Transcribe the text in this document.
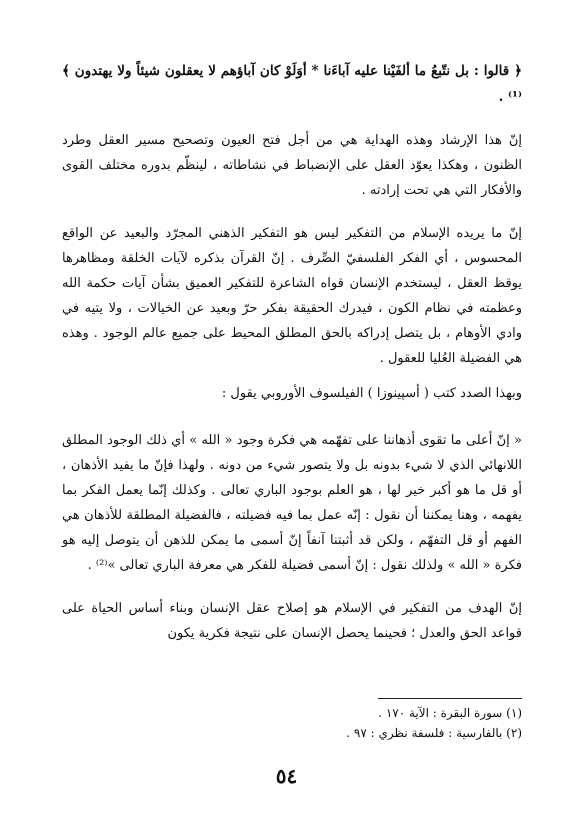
﴿ قالوا : بل نتّبعُ ما ألفَيْنا عليه آباءَنا * أوَلَوْ كان آباؤهم لا يعقلون شيئاً ولا يهتدون ﴾⁽¹⁾ .

إنّ هذا الإرشاد وهذه الهداية هي من أجل فتح العيون وتصحيح مسير العقل وطرد الظنون ، وهكذا يعوّد العقل على الإنضباط في نشاطاته ، لينظّم بدوره مختلف القوى والأفكار التي هي تحت إرادته .

إنّ ما يريده الإسلام من التفكير ليس هو التفكير الذهني المجرّد والبعيد عن الواقع المحسوس ، أي الفكر الفلسفيّ الصِّرف . إنّ القرآن بذكره لآيات الخلقة ومظاهرها يوقظ العقل ، ليستخدم الإنسان قواه الشاعرة للتفكير العميق بشأن آيات حكمة الله وعظمته في نظام الكون ، فيدرك الحقيقة بفكر حرّ وبعيد عن الخيالات ، ولا يتيه في وادي الأوهام ، بل يتصل إدراكه بالحق المطلق المحيط على جميع عالم الوجود . وهذه هي الفضيلة العُليا للعقول .

وبهذا الصدد كتب ( أسپينوزا ) الفيلسوف الأوروبي يقول :

« إنّ أعلى ما تقوى أذهاننا على تفهّمه هي فكرة وجود « الله » أي ذلك الوجود المطلق اللانهائي الذي لا شيء بدونه بل ولا يتصور شيء من دونه . ولهذا فإنّ ما يفيد الأذهان ، أو قل ما هو أكبر خير لها ، هو العلم بوجود الباري تعالى . وكذلك إنّما يعمل الفكر بما يفهمه ، وهنا يمكننا أن نقول : إنّه عمل بما فيه فضيلته ، فالفضيلة المطلقة للأذهان هي الفهم أو قل التفهّم ، ولكن قد أثبتنا آنفاً إنّ أسمى ما يمكن للذهن أن يتوصل إليه هو فكرة « الله » ولذلك نقول : إنّ أسمى فضيلة للفكر هي معرفة الباري تعالى »⁽²⁾ .

إنّ الهدف من التفكير في الإسلام هو إصلاح عقل الإنسان وبناء أساس الحياة على قواعد الحق والعدل ؛ فحينما يحصل الإنسان على نتيجة فكرية يكون

(١) سورة البقرة : الآية ١٧٠ .
(٢) بالفارسية : فلسفة نظري : ٩٧ .
٥٤
